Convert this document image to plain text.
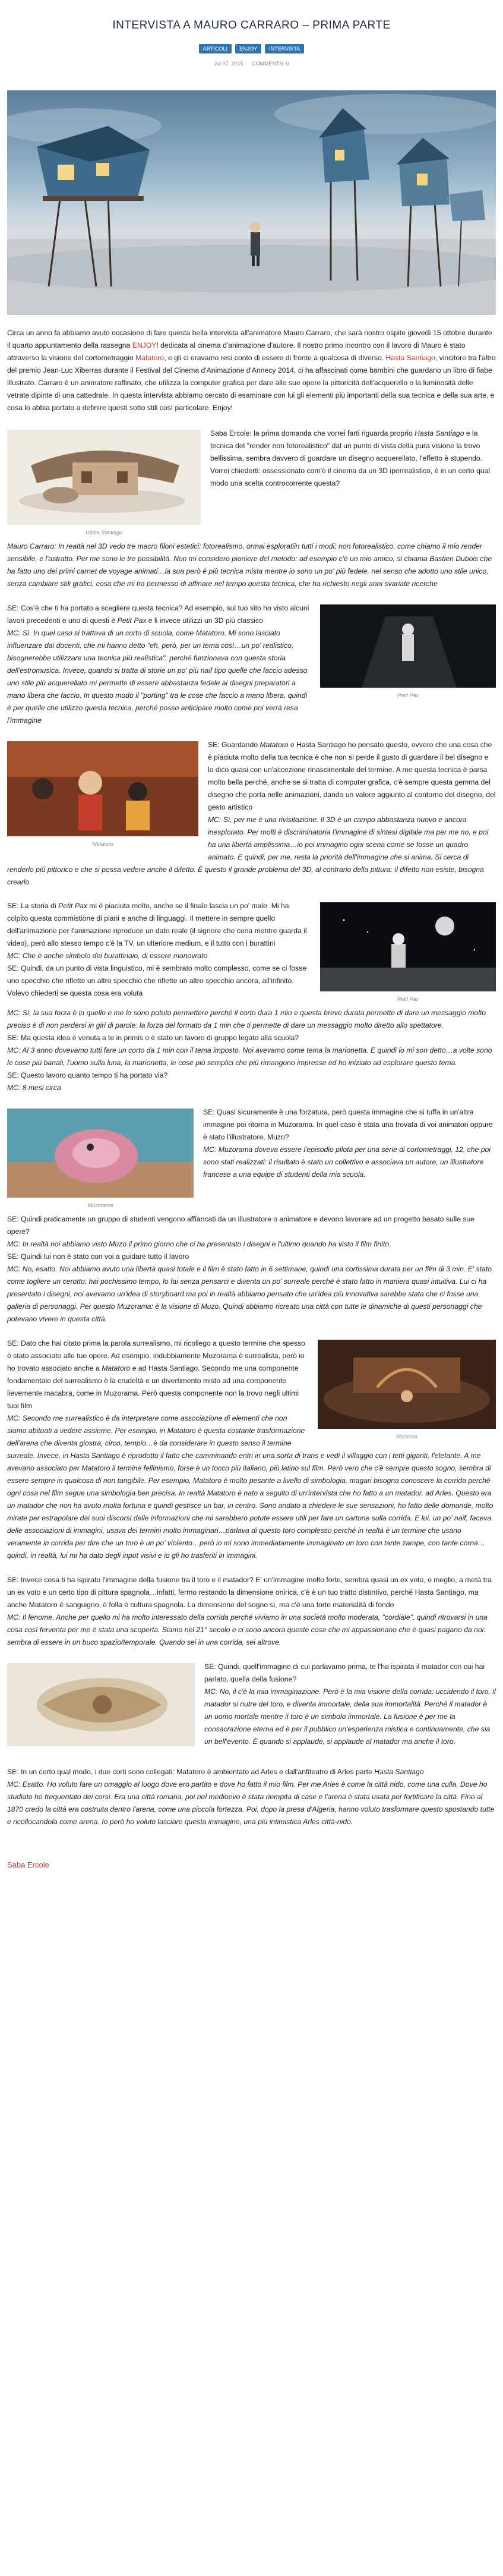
INTERVISTA A MAURO CARRARO – PRIMA PARTE
ARTICOLI ENJOY INTERVISTA
Jul 07, 2015 COMMENTS: 0

Circa un anno fa abbiamo avuto occasione di fare questa bella intervista all'animatore Mauro Carraro, che sarà nostro ospite giovedì 15 ottobre durante il quarto appuntamento della rassegna ENJOY! dedicata al cinema d'animazione d'autore. Il nostro primo incontro con il lavoro di Mauro è stato attraverso la visione del cortometraggio Matatoro, e gli ci eravamo resi conto di essere di fronte a qualcosa di diverso. Hasta Santiago, vincitore tra l'altro del premio Jean-Luc Xiberras durante il Festival del Cinema d'Animazione d'Annecy 2014, ci ha affascinati come bambini che guardano un libro di fiabe illustrato. Carraro è un animatore raffinato, che utilizza la computer grafica per dare alle sue opere la pittoricità dell'acquerello o la luminosità delle vetrate dipinte di una cattedrale. In questa intervista abbiamo cercato di esaminare con lui gli elementi più importanti della sua tecnica e della sua arte, e cosa lo abbia portato a definire questi sotto stili così particolare. Enjoy!

Hasta Santiago

Saba Ercole: la prima domanda che vorrei farti riguarda proprio Hasta Santiago e la tecnica del "render non fotorealistico" dal un punto di vista della pura visione la trovo bellissima, sembra davvero di guardare un disegno acquerellato, l'effetto è stupendo. Vorrei chiederti: ossessionato com'è il cinema da un 3D iperrealistico, è in un certo qual modo una scelta controcorrente questa?

Mauro Carraro: In realtà nel 3D vedo tre macro filoni estetici: fotorealismo, ormai esploratiin tutti i modi; non fotorealistico, come chiamo il mio render sensibile, e l'astratto. Per me sono le tre possibilità. Non mi considero pioniere del metodo: ad esempio c'è un mio amico, si chiama Bastien Dubois che ha fatto uno dei primi carnet de voyage animati…la sua però è più tecnica mista mentre io sono un po' più fedele, nel senso che adotto uno stile unico, senza cambiare stili grafici, cosa che mi ha permesso di affinare nel tempo questa tecnica, che ha richiesto negli anni svariate ricerche

Petit Pax

SE: Cos'è che ti ha portato a scegliere questa tecnica? Ad esempio, sul tuo sito ho visto alcuni lavori precedenti e uno di questi è Petit Pax e li invece utilizzi un 3D più classico

MC: Sì. In quel caso si trattava di un corto di scuola, come Matatoro. Mi sono lasciato influenzare dai docenti, che mi hanno detto "eh, però, per un tema così…un po' realistico, bisognerebbe utilizzare una tecnica più realistica", perché funzionava con questa storia dell'estromusica. Invece, quando si tratta di storie un po' più naif tipo quelle che faccio adesso, uno stile più acquerellato mi permette di essere abbastanza fedele ai disegni preparatori a mano libera che faccio. In questo modo il "porting" tra le cose che faccio a mano libera, quindi è per quelle che utilizzo questa tecnica, perché posso anticipare molto come poi verrà resa l'immagine

Matatoro

SE: Guardando Matatoro e Hasta Santiago ho pensato questo, ovvero che una cosa che è piaciuta molto della tua tecnica è che non si perde il gusto di guardare il bel disegno e lo dico quasi con un'accezione rinascimentale del termine. A me questa tecnica è parsa molto bella perché, anche se si tratta di computer grafica, c'è sempre questa gemma del disegno che porta nelle animazioni, dando un valore aggiunto al contorno del disegno, del gesto artistico

MC: Sì, per me è una rivisitazione. Il 3D è un campo abbastanza nuovo e ancora inesplorato. Per molti è discriminatoria l'immagine di sintesi digitale ma per me no, e poi ha una libertà amplissima…io poi immagino ogni scena come se fosse un quadro animato. E quindi, per me, resta la priorità dell'immagine che si anima. Si cerca di renderlo più pittorico e che si possa vedere anche il difetto. È questo il grande problema del 3D, al contrario della pittura: il difetto non esiste, bisogna crearlo.

Petit Pax

SE: La storia di Petit Pax mi è piaciuta molto, anche se il finale lascia un po' male. Mi ha colpito questa commistione di piani e anche di linguaggi. Il mettere in sempre quello dell'animazione per l'animazione riproduce un dato reale (il signore che cena mentre guarda il video), però allo stesso tempo c'è la TV, un ulteriore medium, e il tutto con i burattini

MC: Che è anche simbolo dei burattinaio, di essere manovrato

SE: Quindi, da un punto di vista linguistico, mi è sembrato molto complesso, come se ci fosse uno specchio che riflette un altro specchio che riflette un altro specchio ancora, all'infinito. Volevo chiederti se questa cosa era voluta

MC: Sì, la sua forza è in quello e me lo sono potuto permettere perché il corto dura 1 min e questa breve durata permette di dare un messaggio molto preciso è di non perdersi in giri di parole: la forza del formato da 1 min che ti permette di dare un messaggio molto diretto allo spettatore.

SE: Ma questa idea è venuta a te in primis o è stato un lavoro di gruppo legato alla scuola?

MC: Al 3 anno dovevamo tutti fare un corto da 1 min con il tema imposto. Noi avevamo come tema la marionetta. E quindi io mi son detto…a volte sono le cose più banali, l'uomo sulla luna, la marionetta, le cose più semplici che più rimangono impresse ed ho iniziato ad esplorare questo tema.

SE: Questo lavoro quanto tempo ti ha portato via?

MC: 8 mesi circa

Muzorama

SE: Quasi sicuramente è una forzatura, però questa immagine che si tuffa in un'altra immagine poi ritorna in Muzorama. In quel caso è stata una trovata di voi animatori oppure è stato l'illustratore, Muzo?

MC: Muzorama doveva essere l'episodio pilota per una serie di cortometraggi, 12, che poi sono stati realizzati: il risultato è stato un collettivo e associava un autore, un illustratore francese a una equipe di studenti della mia scuola.

SE: Quindi praticamente un gruppo di studenti vengono affiancati da un illustratore o animatore e devono lavorare ad un progetto basato sulle sue opere?

MC: In realtà noi abbiamo visto Muzo il primo giorno che ci ha presentato i disegni e l'ultimo quando ha visto il film finito.

SE: Quindi lui non è stato con voi a guidare tutto il lavoro

MC: No, esatto. Noi abbiamo avuto una libertà quasi totale e il film è stato fatto in 6 settimane, quindi una cortissima durata per un film di 3 min. E' stato come togliere un cerotto: hai pochissimo tempo, lo fai senza pensarci e diventa un po' surreale perché è stato fatto in maniera quasi intuitiva. Lui ci ha presentato i disegni, noi avevamo un'idea di storyboard ma poi in realtà abbiamo pensato che un'idea più innovativa sarebbe stata che ci fosse una galleria di personaggi. Per questo Muzorama: è la visione di Muzo. Quindi abbiamo ricreato una città con tutte le dinamiche di questi personaggi che potevano vivere in questa città.

Matatoro

SE: Dato che hai citato prima la parola surrealismo, mi ricollego a questo termine che spesso è stato associato alle tue opere. Ad esempio, indubbiamente Muzorama è surrealista, però io ho trovato associato anche a Matatoro e ad Hasta Santiago. Secondo me una componente fondamentale del surrealismo è la crudeltà e un divertimento misto ad una componente lievemente macabra, come in Muzorama. Però questa componente non la trovo negli ultimi tuoi film

MC: Secondo me surrealistico è da interpretare come associazione di elementi che non siamo abituati a vedere assieme. Per esempio, in Matatoro è questa costante trasformazione dell'arena che diventa giostra, circo, tempio…è da considerare in questo senso il termine surreale. Invece, in Hasta Santiago è riprodotto il fatto che camminando entri in una sorta di trans e vedi il villaggio con i tetti giganti, l'elefante. A me avevano associato per Matatoro il termine fellinismo, forse è un tocco più italiano, più latino sul film. Però vero che c'è sempre questo sogno, sembra di essere sempre in qualcosa di non tangibile. Per esempio, Matatoro è molto pesante a livello di simbologia, magari bisogna conoscere la corrida perché ogni cosa nel film segue una simbologia ben precisa. In realtà Matatoro è nato a seguito di un'intervista che ho fatto a un matador, ad Arles. Questo era un matador che non ha avuto molta fortuna e quindi gestisce un bar, in centro. Sono andato a chiedere le sue sensazioni, ho fatto delle domande, molto mirate per estrapolare dai suoi discorsi delle informazioni che mi sarebbero potute essere utili per fare un cartone sulla corrida. E lui, un po' naif, faceva delle associazioni di immagini, usava dei termini molto immaginari…parlava di questo toro complesso perché in realtà è un termine che usano veramente in corrida per dire che un toro è un po' violento…però io mi sono immediatamente immaginato un toro con tante zampe, con tante corna…quindi, in realtà, lui mi ha dato degli input visivi e io gli ho trasferiti in immagini.

SE: Invece cosa ti ha ispirato l'immagine della fusione tra il toro e il matador? E' un'immagine molto forte, sembra quasi un ex voto, o meglio, a metà tra un ex voto e un certo tipo di pittura spagnola…infatti, fermo restando la dimensione onirica, c'è è un tuo tratto distintivo, perché Hasta Santiago, ma anche Matatoro è sanguigno, è folla è cultura spagnola. La dimensione del sogno si, ma c'è una forte materialità di fondo

MC: Il fenome. Anche per quello mi ha molto interessato della corrida perché viviamo in una società molto moderata, "cordiale", quindi ritrovarsi in una cosa così ferventa per me è stata una scoperta. Siamo nel 21° secolo e ci sono ancora queste cose che mi appassionano che è quasi pagano da noi: sembra di essere in un buco spazio/temporale. Quando sei in una corrida, sei altrove.

SE: Quindi, quell'immagine di cui parlavamo prima, te l'ha ispirata il matador con cui hai parlato, quella della fusione?

MC: No, il c'è la mia immaginazione. Però è la mia visione della corrida: uccidendo il toro, il matador si nutre del toro, e diventa immortale, della sua immortalità. Perché il matador è un uomo mortale mentre il toro è un simbolo immortale. La fusione è per me la consacrazione eterna ed è per il pubblico un'esperienza mistica e continuamente, che sia un bell'evento. È quando si applaude, si applaude al matador ma anche il toro.

SE: In un certo qual modo, i due corti sono collegati: Matatoro è ambientato ad Arles e dall'anfiteatro di Arles parte Hasta Santiago

MC: Esatto. Ho voluto fare un omaggio al luogo dove ero partito e dove ho fatto il mio film. Per me Arles è come la città nido, come una culla. Dove ho studiato ho frequentato dei corsi. Era una città romana, poi nel medioevo è stata riempita di case e l'arena è stata usata per fortificare la città. Fino al 1870 credo la città era costruita dentro l'arena, come una piccola fortezza. Poi, dopo la presa d'Algeria, hanno voluto trasformare questo spostando tutte e ricollocandola come arena. Io però ho voluto lasciare questa immagine, una più intimistica Arles città-nido.

Saba Ercole
